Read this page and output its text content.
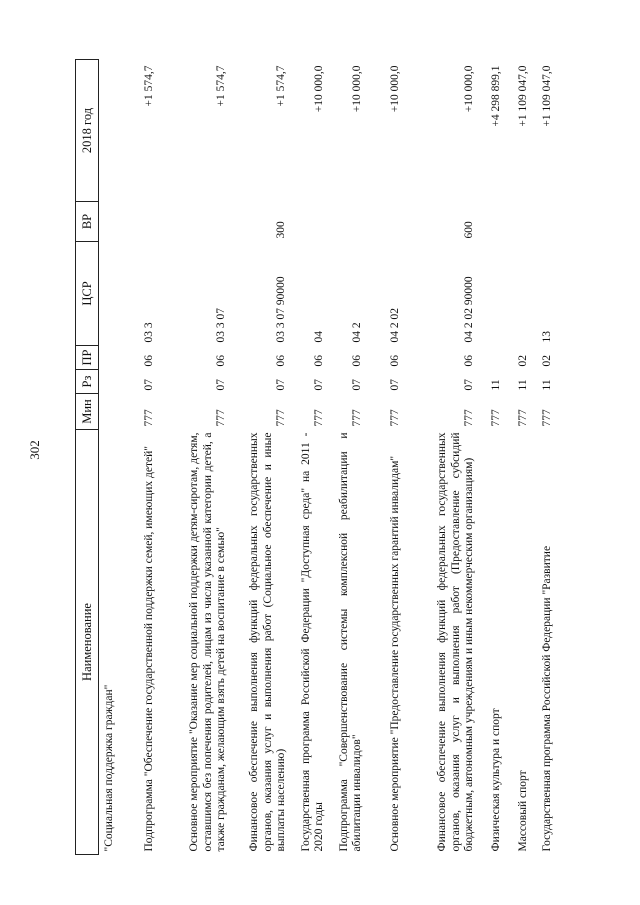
302
Наименование	Мин	Рз	ПР	ЦСР	ВР	2018 год
"Социальная поддержка граждан"						
Подпрограмма "Обеспечение государственной поддержки семей, имеющих детей"	777	07	06	03 3		+1 574,7
Основное мероприятие "Оказание мер социальной поддержки детям-сиротам, детям, оставшимся без попечения родителей, лицам из числа указанной категории детей, а также гражданам, желающим взять детей на воспитание в семью"	777	07	06	03 3 07		+1 574,7
Финансовое обеспечение выполнения функций федеральных государственных органов, оказания услуг и выполнения работ (Социальное обеспечение и иные выплаты населению)	777	07	06	03 3 07 90000	300	+1 574,7
Государственная программа Российской Федерации "Доступная среда" на 2011 - 2020 годы	777	07	06	04		+10 000,0
Подпрограмма "Совершенствование системы комплексной реабилитации и абилитации инвалидов"	777	07	06	04 2		+10 000,0
Основное мероприятие "Предоставление государственных гарантий инвалидам"	777	07	06	04 2 02		+10 000,0
Финансовое обеспечение выполнения функций федеральных государственных органов, оказания услуг и выполнения работ (Предоставление субсидий бюджетным, автономным учреждениям и иным некоммерческим организациям)	777	07	06	04 2 02 90000	600	+10 000,0
Физическая культура и спорт	777	11				+4 298 899,1
Массовый спорт	777	11	02			+1 109 047,0
Государственная программа Российской Федерации "Развитие	777	11	02	13		+1 109 047,0
